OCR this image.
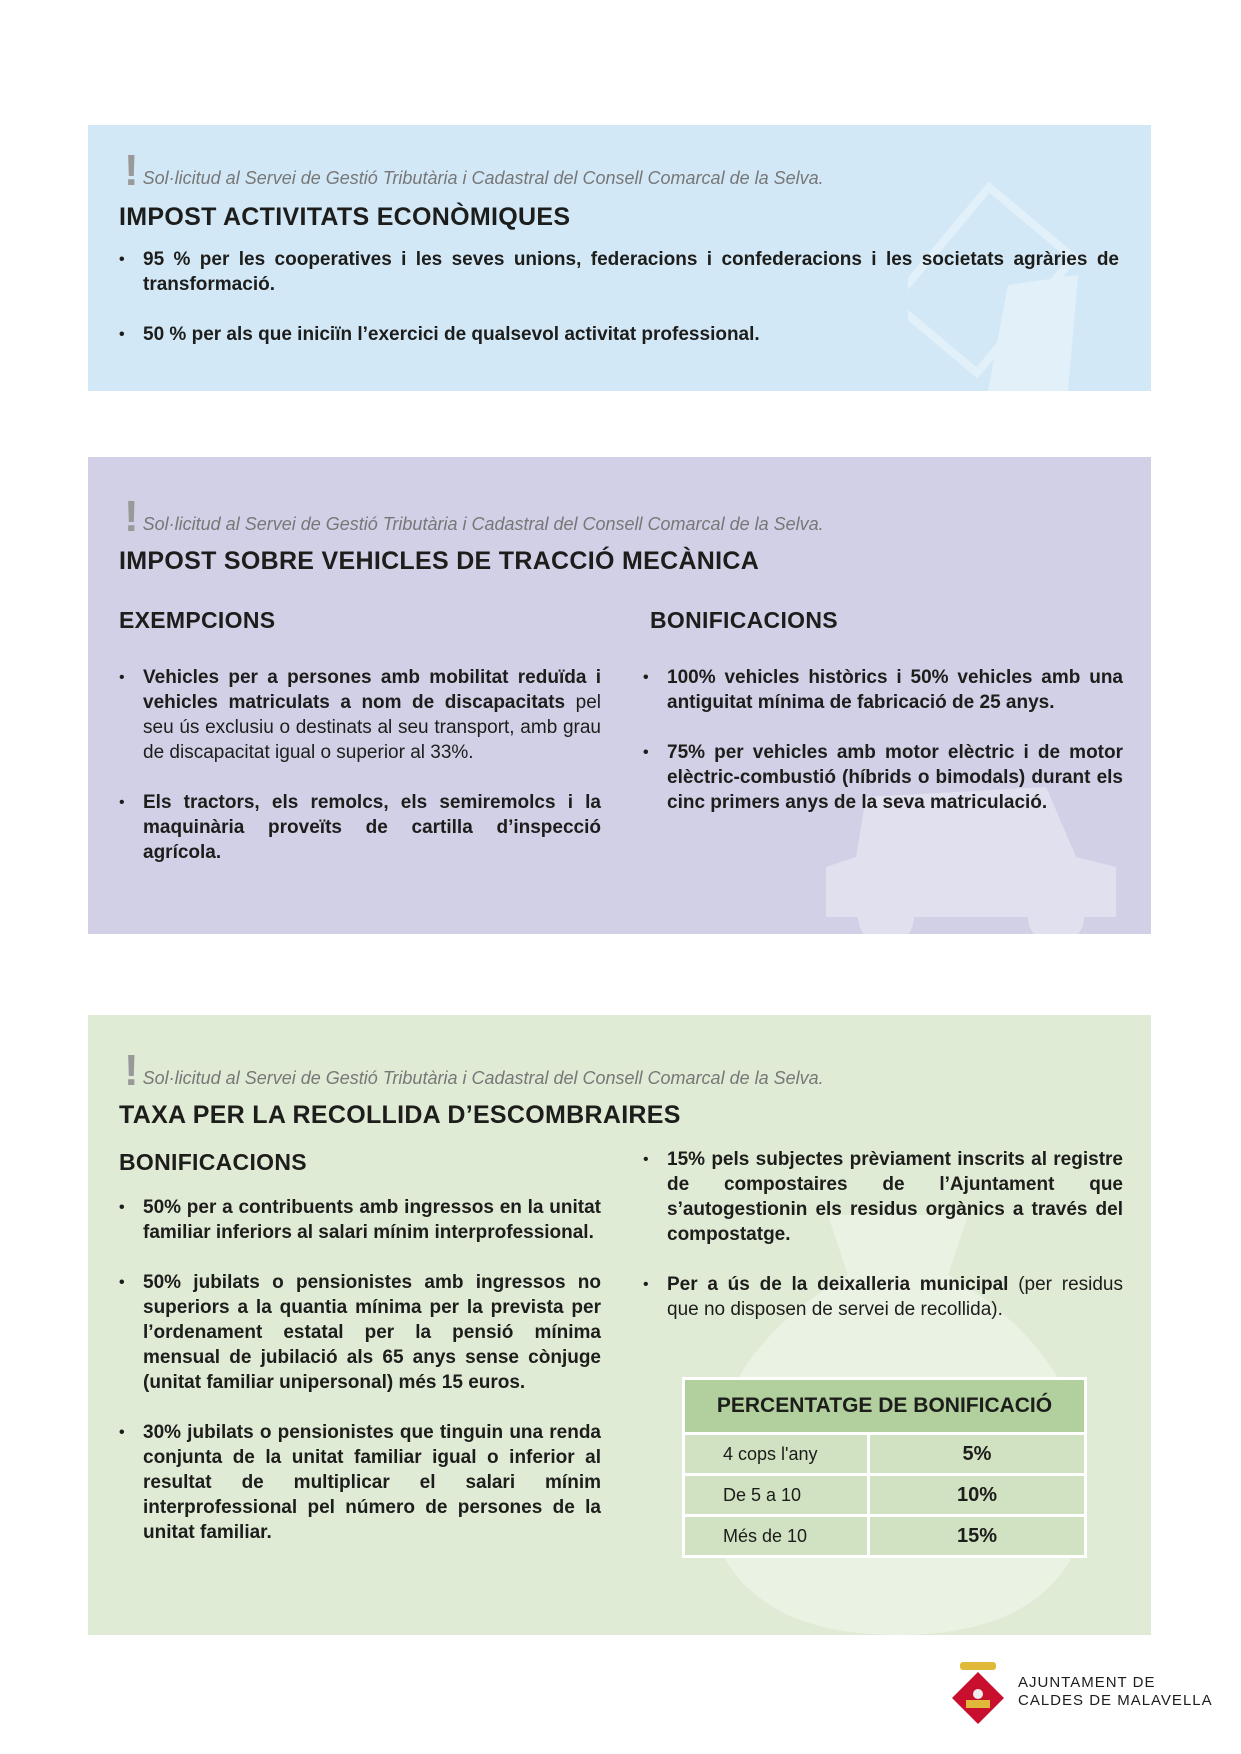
! Sol·licitud al Servei de Gestió Tributària i Cadastral del Consell Comarcal de la Selva.
IMPOST ACTIVITATS ECONÒMIQUES
• 95 % per les cooperatives i les seves unions, federacions i confederacions i les societats agràries de transformació.
• 50 % per als que iniciïn l’exercici de qualsevol activitat professional.
! Sol·licitud al Servei de Gestió Tributària i Cadastral del Consell Comarcal de la Selva.
IMPOST SOBRE VEHICLES DE TRACCIÓ MECÀNICA
EXEMPCIONS	BONIFICACIONS
• Vehicles per a persones amb mobilitat reduïda i vehicles matriculats a nom de discapacitats pel seu ús exclusiu o destinats al seu transport, amb grau de discapacitat igual o superior al 33%.
• Els tractors, els remolcs, els semiremolcs i la maquinària proveïts de cartilla d’inspecció agrícola.
• 100% vehicles històrics i 50% vehicles amb una antiguitat mínima de fabricació de 25 anys.
• 75% per vehicles amb motor elèctric i de motor elèctric-combustió (híbrids o bimodals) durant els cinc primers anys de la seva matriculació.
! Sol·licitud al Servei de Gestió Tributària i Cadastral del Consell Comarcal de la Selva.
TAXA PER LA RECOLLIDA D’ESCOMBRAIRES
BONIFICACIONS
• 50% per a contribuents amb ingressos en la unitat familiar inferiors al salari mínim interprofessional.
• 50% jubilats o pensionistes amb ingressos no superiors a la quantia mínima per la prevista per l’ordenament estatal per la pensió mínima mensual de jubilació als 65 anys sense cònjuge (unitat familiar unipersonal) més 15 euros.
• 30% jubilats o pensionistes que tinguin una renda conjunta de la unitat familiar igual o inferior al resultat de multiplicar el salari mínim interprofessional pel número de persones de la unitat familiar.
• 15% pels subjectes prèviament inscrits al registre de compostaires de l’Ajuntament que s’autogestionin els residus orgànics a través del compostatge.
• Per a ús de la deixalleria municipal (per residus que no disposen de servei de recollida).
PERCENTATGE DE BONIFICACIÓ	
4 cops l'any	5%
De 5 a 10	10%
Més de 10	15%
AJUNTAMENT DE
CALDES DE MALAVELLA
